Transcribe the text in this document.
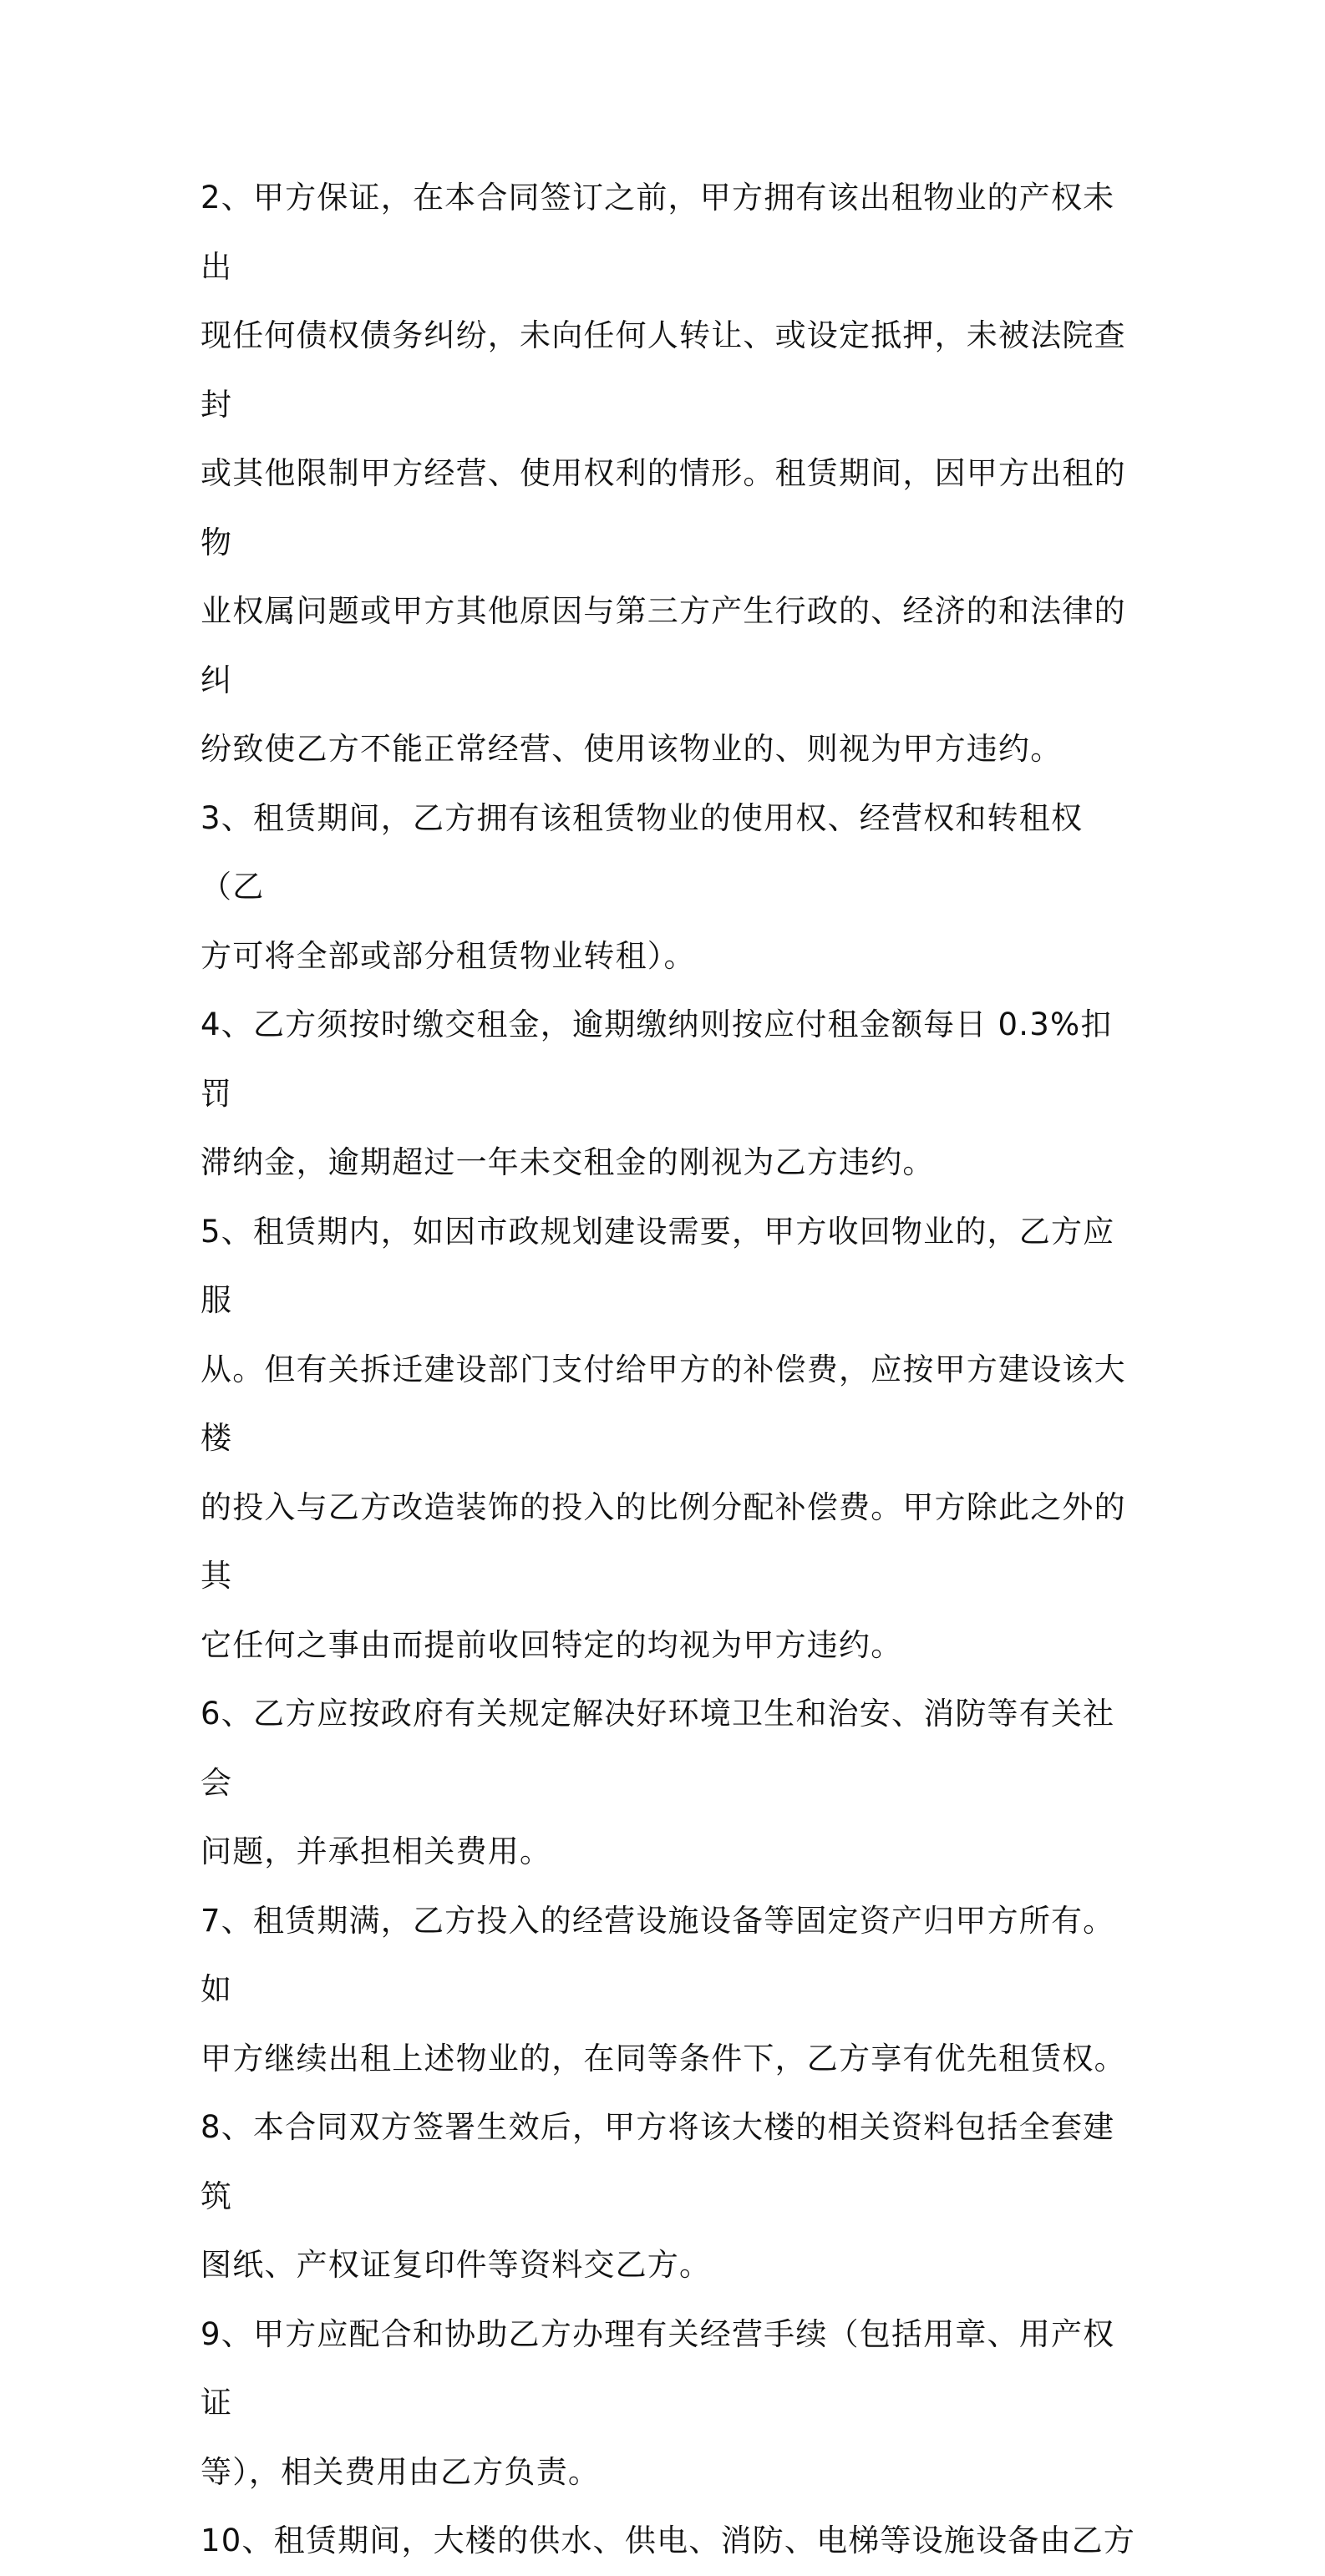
2、甲方保证，在本合同签订之前，甲方拥有该出租物业的产权未出
现任何债权债务纠纷，未向任何人转让、或设定抵押，未被法院查封
或其他限制甲方经营、使用权利的情形。租赁期间，因甲方出租的物
业权属问题或甲方其他原因与第三方产生行政的、经济的和法律的纠
纷致使乙方不能正常经营、使用该物业的、则视为甲方违约。
3、租赁期间，乙方拥有该租赁物业的使用权、经营权和转租权（乙
方可将全部或部分租赁物业转租）。
4、乙方须按时缴交租金，逾期缴纳则按应付租金额每日 0.3%扣罚
滞纳金，逾期超过一年未交租金的刚视为乙方违约。
5、租赁期内，如因市政规划建设需要，甲方收回物业的，乙方应服
从。但有关拆迁建设部门支付给甲方的补偿费，应按甲方建设该大楼
的投入与乙方改造装饰的投入的比例分配补偿费。甲方除此之外的其
它任何之事由而提前收回特定的均视为甲方违约。
6、乙方应按政府有关规定解决好环境卫生和治安、消防等有关社会
问题，并承担相关费用。
7、租赁期满，乙方投入的经营设施设备等固定资产归甲方所有。如
甲方继续出租上述物业的，在同等条件下，乙方享有优先租赁权。
8、本合同双方签署生效后，甲方将该大楼的相关资料包括全套建筑
图纸、产权证复印件等资料交乙方。
9、甲方应配合和协助乙方办理有关经营手续（包括用章、用产权证
等），相关费用由乙方负责。
10、租赁期间，大楼的供水、供电、消防、电梯等设施设备由乙方
